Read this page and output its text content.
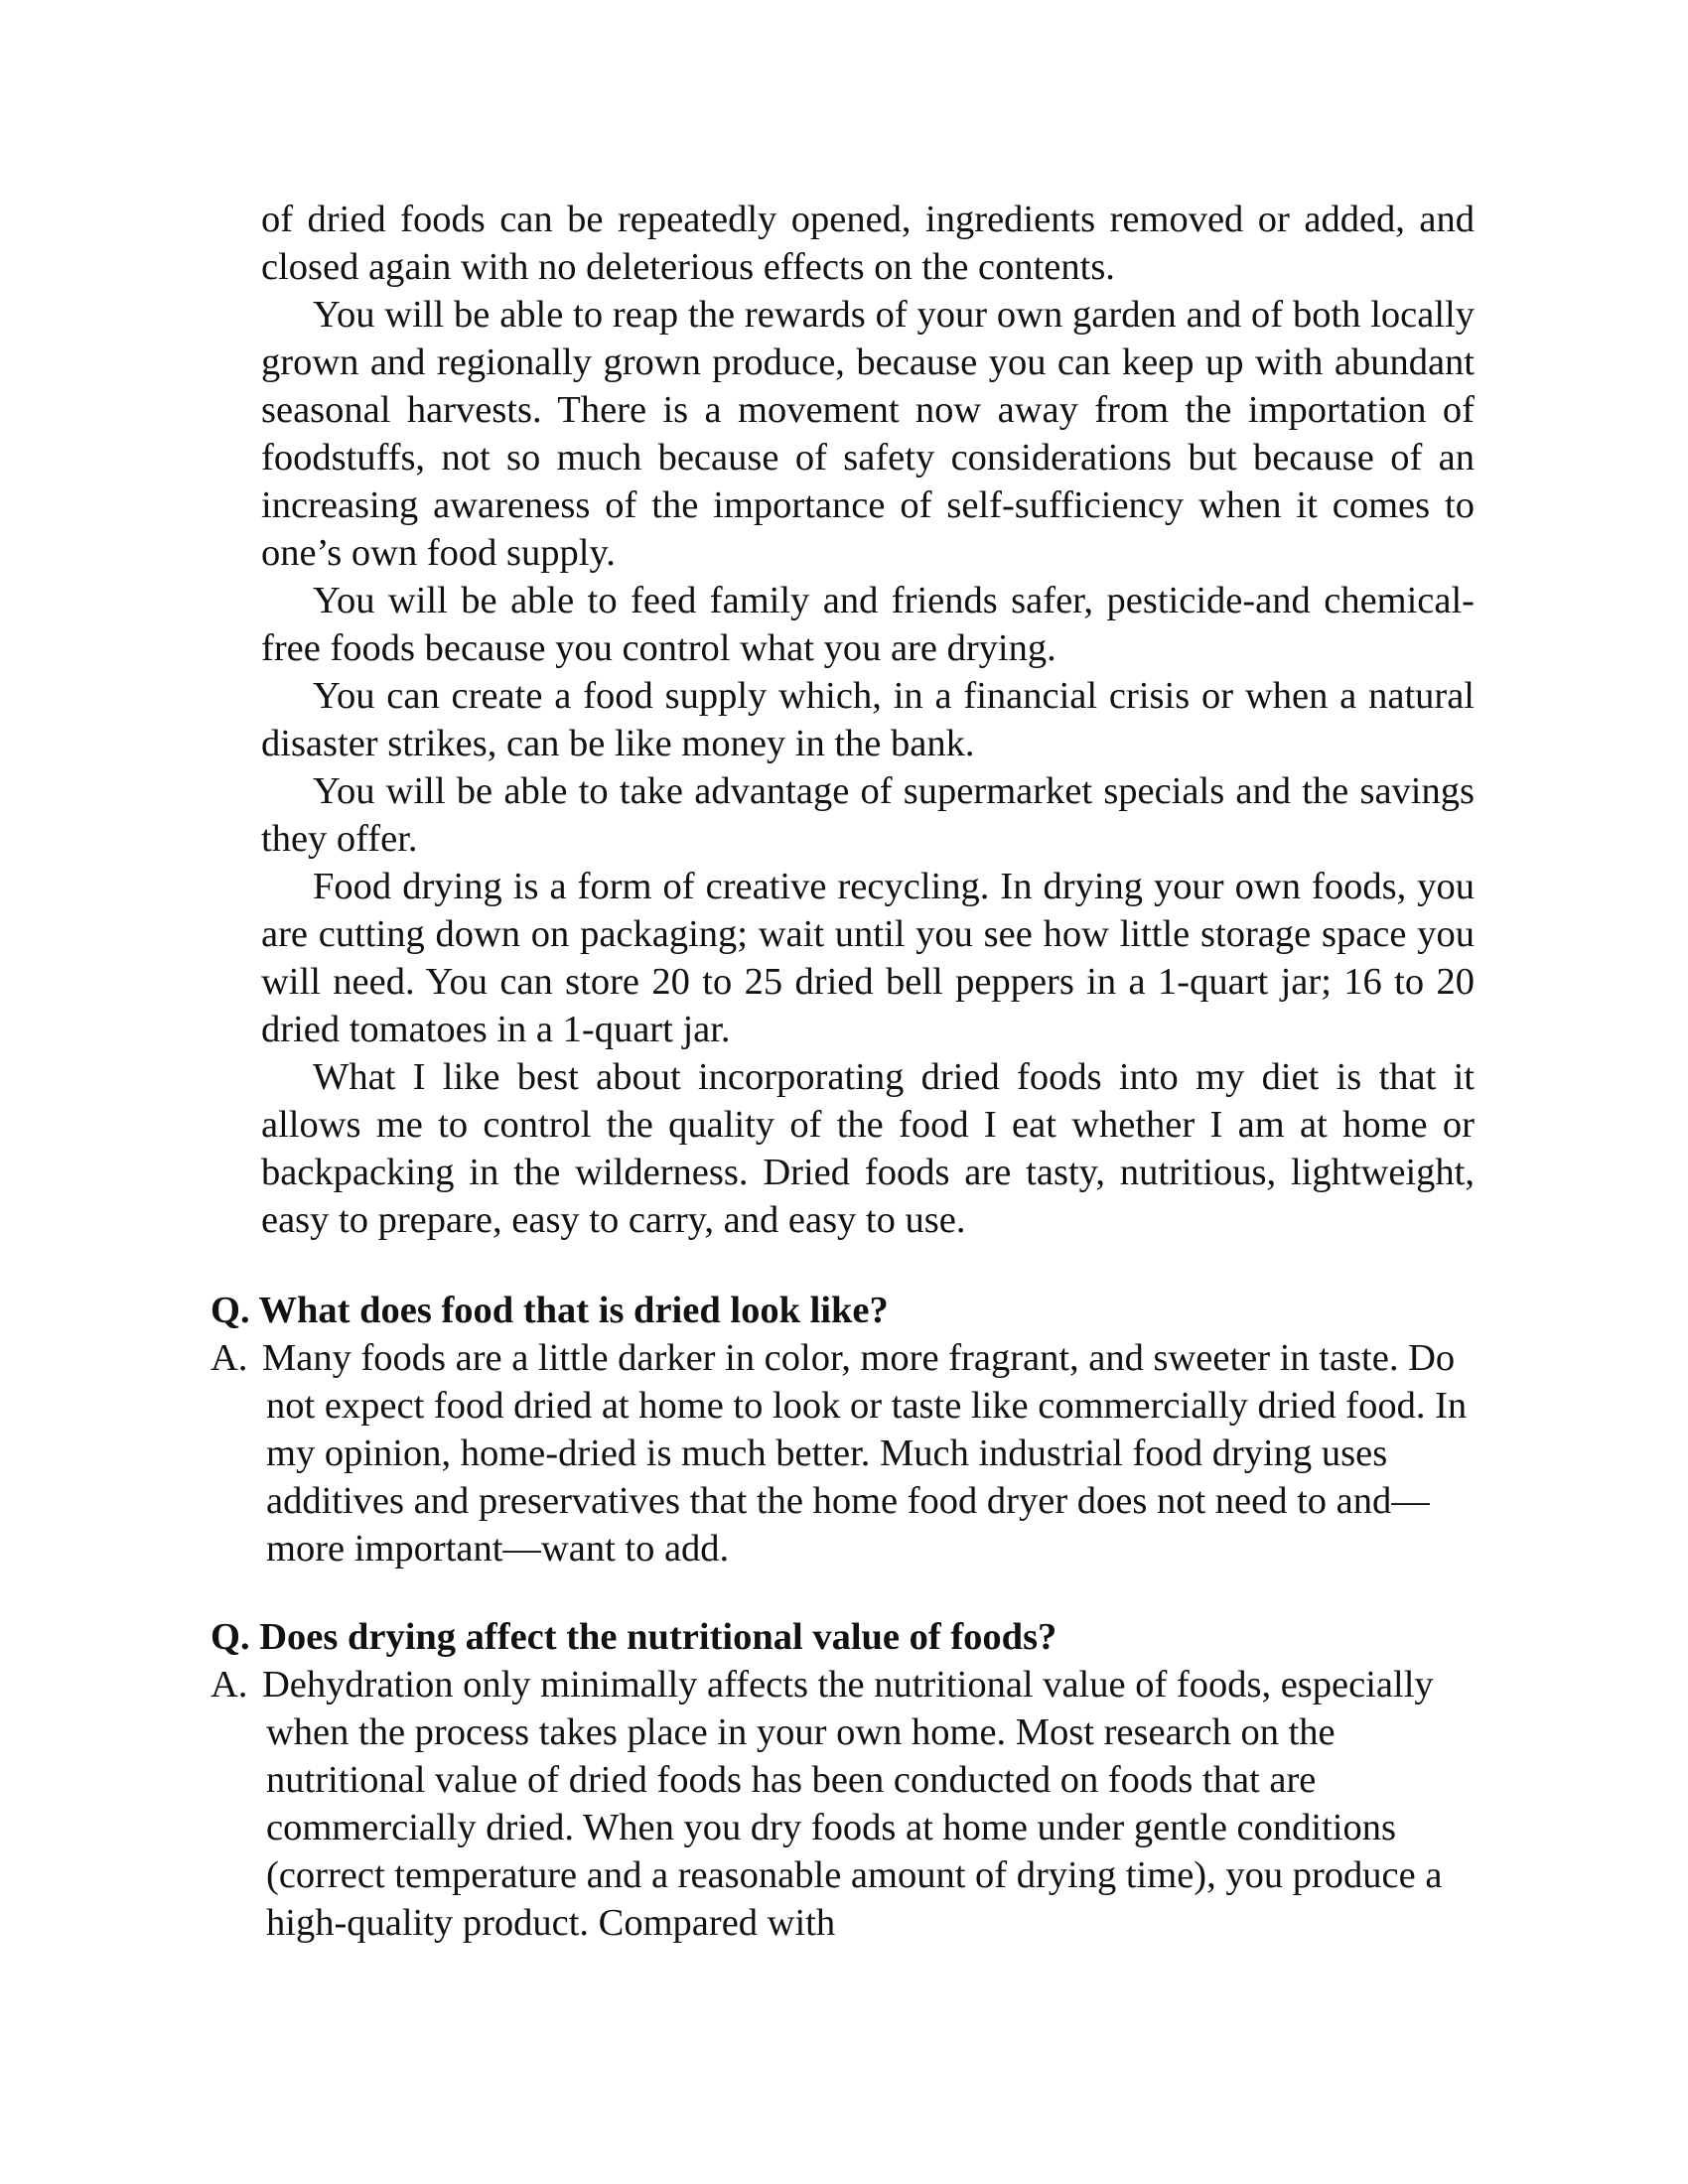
of dried foods can be repeatedly opened, ingredients removed or added, and closed again with no deleterious effects on the contents.

You will be able to reap the rewards of your own garden and of both locally grown and regionally grown produce, because you can keep up with abundant seasonal harvests. There is a movement now away from the importation of foodstuffs, not so much because of safety considerations but because of an increasing awareness of the importance of self-sufficiency when it comes to one’s own food supply.

You will be able to feed family and friends safer, pesticide-and chemical-free foods because you control what you are drying.

You can create a food supply which, in a financial crisis or when a natural disaster strikes, can be like money in the bank.

You will be able to take advantage of supermarket specials and the savings they offer.

Food drying is a form of creative recycling. In drying your own foods, you are cutting down on packaging; wait until you see how little storage space you will need. You can store 20 to 25 dried bell peppers in a 1-quart jar; 16 to 20 dried tomatoes in a 1-quart jar.

What I like best about incorporating dried foods into my diet is that it allows me to control the quality of the food I eat whether I am at home or backpacking in the wilderness. Dried foods are tasty, nutritious, lightweight, easy to prepare, easy to carry, and easy to use.

Q. What does food that is dried look like?

A. Many foods are a little darker in color, more fragrant, and sweeter in taste. Do not expect food dried at home to look or taste like commercially dried food. In my opinion, home-dried is much better. Much industrial food drying uses additives and preservatives that the home food dryer does not need to and—more important—want to add.

Q. Does drying affect the nutritional value of foods?

A. Dehydration only minimally affects the nutritional value of foods, especially when the process takes place in your own home. Most research on the nutritional value of dried foods has been conducted on foods that are commercially dried. When you dry foods at home under gentle conditions (correct temperature and a reasonable amount of drying time), you produce a high-quality product. Compared with
